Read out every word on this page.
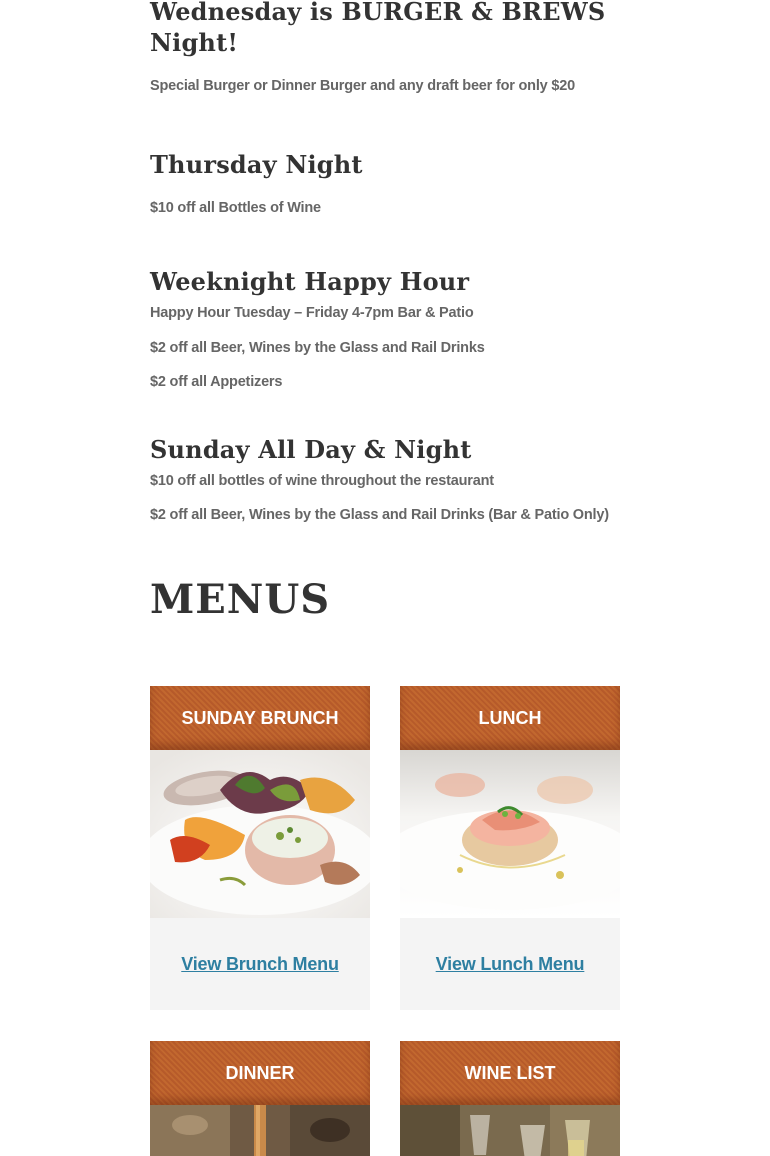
Wednesday is BURGER & BREWS
Night!

Special Burger or Dinner Burger and any draft beer for only $20

Thursday Night

$10 off all Bottles of Wine

Weeknight Happy Hour

Happy Hour Tuesday – Friday 4-7pm Bar & Patio

$2 off all Beer, Wines by the Glass and Rail Drinks

$2 off all Appetizers

Sunday All Day & Night

$10 off all bottles of wine throughout the restaurant

$2 off all Beer, Wines by the Glass and Rail Drinks (Bar & Patio Only)

MENUS
SUNDAY BRUNCH
View Brunch Menu
LUNCH
View Lunch Menu
DINNER	WINE LIST
